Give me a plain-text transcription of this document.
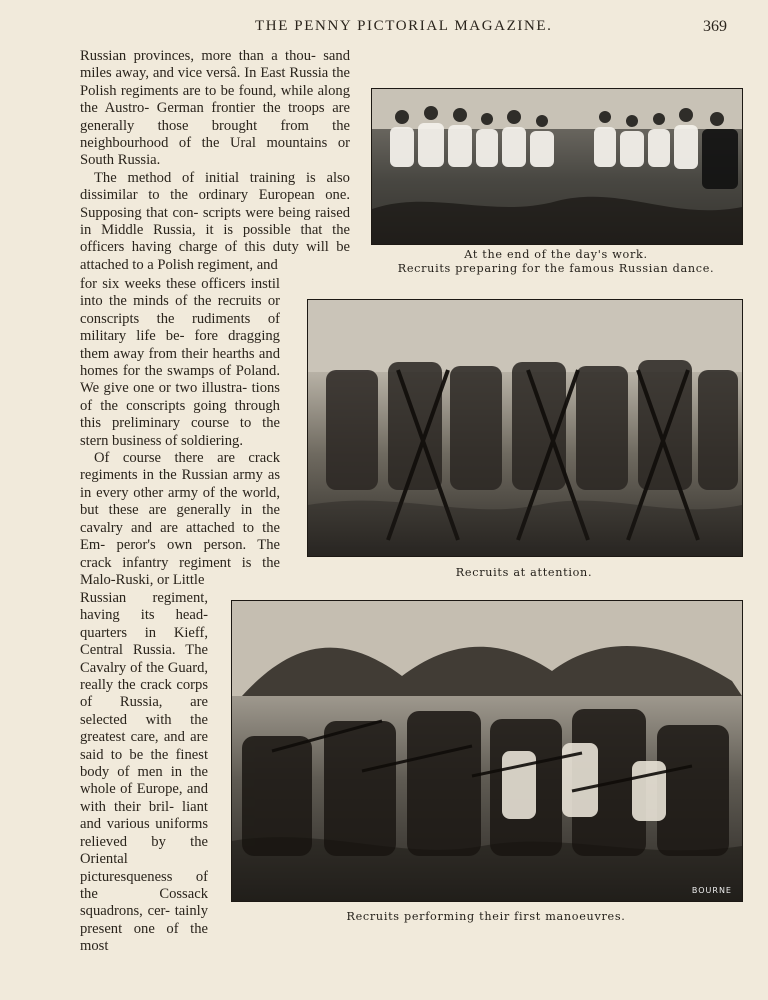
THE PENNY PICTORIAL MAGAZINE.	369

Russian provinces, more than a thou- sand miles away, and vice versâ. In East Russia the Polish regiments are to be found, while along the Austro- German frontier the troops are generally those brought from the neighbourhood of the Ural mountains or South Russia.

The method of initial training is also dissimilar to the ordinary European one. Supposing that con- scripts were being raised in Middle Russia, it is possible that the officers having charge of this duty will be attached to a Polish regiment, and

for six weeks these officers instil into the minds of the recruits or conscripts the rudiments of military life be- fore dragging them away from their hearths and homes for the swamps of Poland. We give one or two illustra- tions of the conscripts going through this preliminary course to the stern business of soldiering.

Of course there are crack regiments in the Russian army as in every other army of the world, but these are generally in the cavalry and are attached to the Em- peror's own person. The crack infantry regiment is the Malo-Ruski, or Little

Russian regiment, having its head- quarters in Kieff, Central Russia. The Cavalry of the Guard, really the crack corps of Russia, are selected with the greatest care, and are said to be the finest body of men in the whole of Europe, and with their bril- liant and various uniforms relieved by the Oriental picturesqueness of the Cossack squadrons, cer- tainly present one of the most

At the end of the day's work.
Recruits preparing for the famous Russian dance.
Recruits at attention.
BOURNE
Recruits performing their first manoeuvres.
